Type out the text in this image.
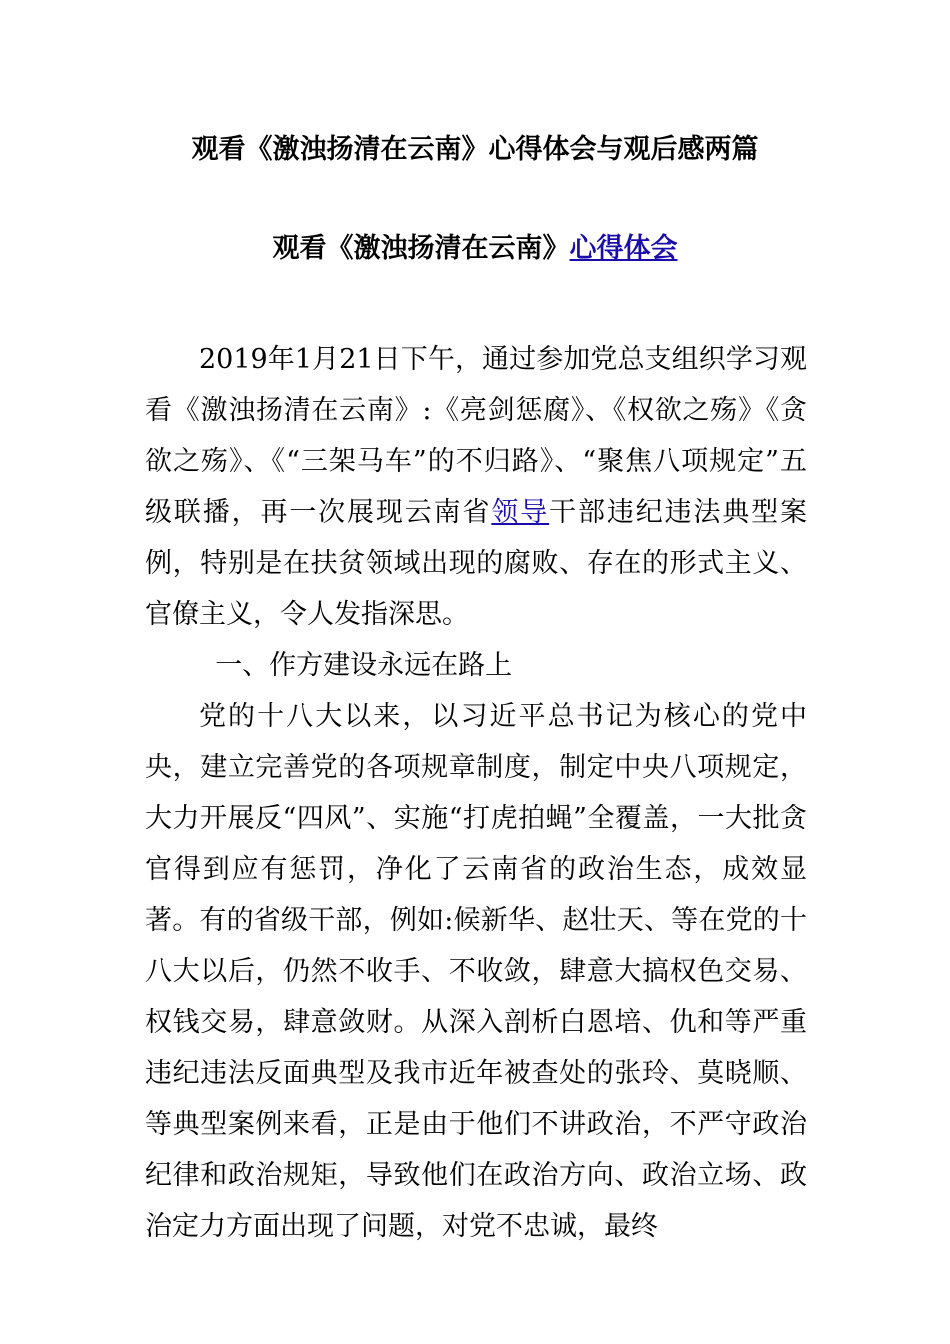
观看《激浊扬清在云南》心得体会与观后感两篇
观看《激浊扬清在云南》心得体会

2019年1月21日下午，通过参加党总支组织学习观看《激浊扬清在云南》:《亮剑惩腐》、《权欲之殇》《贪欲之殇》、《“三架马车”的不归路》、“聚焦八项规定”五级联播，再一次展现云南省领导干部违纪违法典型案例，特别是在扶贫领域出现的腐败、存在的形式主义、官僚主义，令人发指深思。

一、作方建设永远在路上

党的十八大以来，以习近平总书记为核心的党中央，建立完善党的各项规章制度，制定中央八项规定，大力开展反“四风”、实施“打虎拍蝇”全覆盖，一大批贪官得到应有惩罚，净化了云南省的政治生态，成效显著。有的省级干部，例如:候新华、赵壮天、等在党的十八大以后，仍然不收手、不收敛，肆意大搞权色交易、权钱交易，肆意敛财。从深入剖析白恩培、仇和等严重违纪违法反面典型及我市近年被查处的张玲、莫晓顺、等典型案例来看，正是由于他们不讲政治，不严守政治纪律和政治规矩，导致他们在政治方向、政治立场、政治定力方面出现了问题，对党不忠诚，最终
